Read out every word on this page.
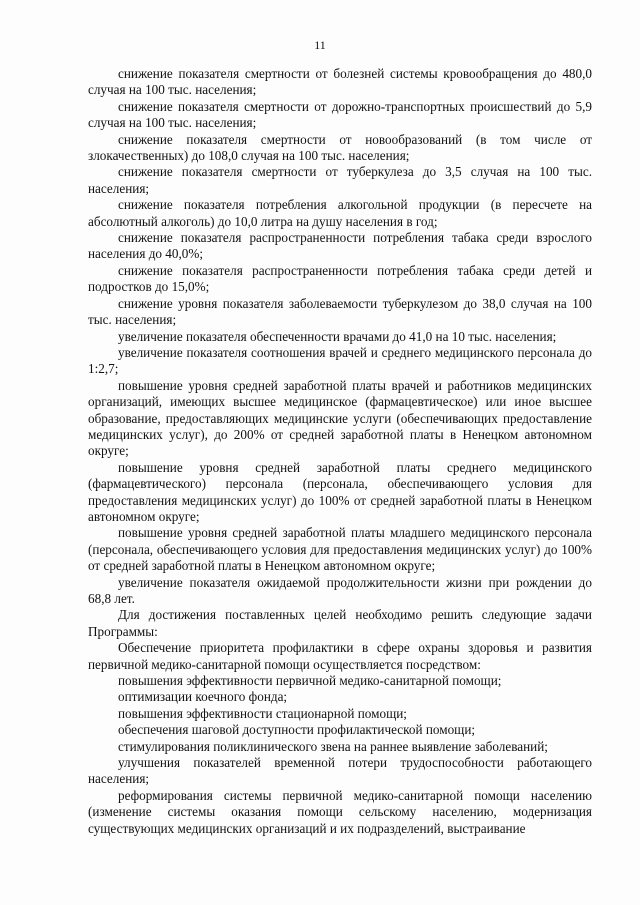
11

снижение показателя смертности от болезней системы кровообращения до 480,0 случая на 100 тыс. населения;

снижение показателя смертности от дорожно-транспортных происшествий до 5,9 случая на 100 тыс. населения;

снижение показателя смертности от новообразований (в том числе от злокачественных) до 108,0 случая на 100 тыс. населения;

снижение показателя смертности от туберкулеза до 3,5 случая на 100 тыс. населения;

снижение показателя потребления алкогольной продукции (в пересчете на абсолютный алкоголь) до 10,0 литра на душу населения в год;

снижение показателя распространенности потребления табака среди взрослого населения до 40,0%;

снижение показателя распространенности потребления табака среди детей и подростков до 15,0%;

снижение уровня показателя заболеваемости туберкулезом до 38,0 случая на 100 тыс. населения;

увеличение показателя обеспеченности врачами до 41,0 на 10 тыс. населения;

увеличение показателя соотношения врачей и среднего медицинского персонала до 1:2,7;

повышение уровня средней заработной платы врачей и работников медицинских организаций, имеющих высшее медицинское (фармацевтическое) или иное высшее образование, предоставляющих медицинские услуги (обеспечивающих предоставление медицинских услуг), до 200% от средней заработной платы в Ненецком автономном округе;

повышение уровня средней заработной платы среднего медицинского (фармацевтического) персонала (персонала, обеспечивающего условия для предоставления медицинских услуг) до 100% от средней заработной платы в Ненецком автономном округе;

повышение уровня средней заработной платы младшего медицинского персонала (персонала, обеспечивающего условия для предоставления медицинских услуг) до 100% от средней заработной платы в Ненецком автономном округе;

увеличение показателя ожидаемой продолжительности жизни при рождении до 68,8 лет.

Для достижения поставленных целей необходимо решить следующие задачи Программы:

Обеспечение приоритета профилактики в сфере охраны здоровья и развития первичной медико-санитарной помощи осуществляется посредством:

повышения эффективности первичной медико-санитарной помощи;

оптимизации коечного фонда;

повышения эффективности стационарной помощи;

обеспечения шаговой доступности профилактической помощи;

стимулирования поликлинического звена на раннее выявление заболеваний;

улучшения показателей временной потери трудоспособности работающего населения;

реформирования системы первичной медико-санитарной помощи населению (изменение системы оказания помощи сельскому населению, модернизация существующих медицинских организаций и их подразделений, выстраивание
